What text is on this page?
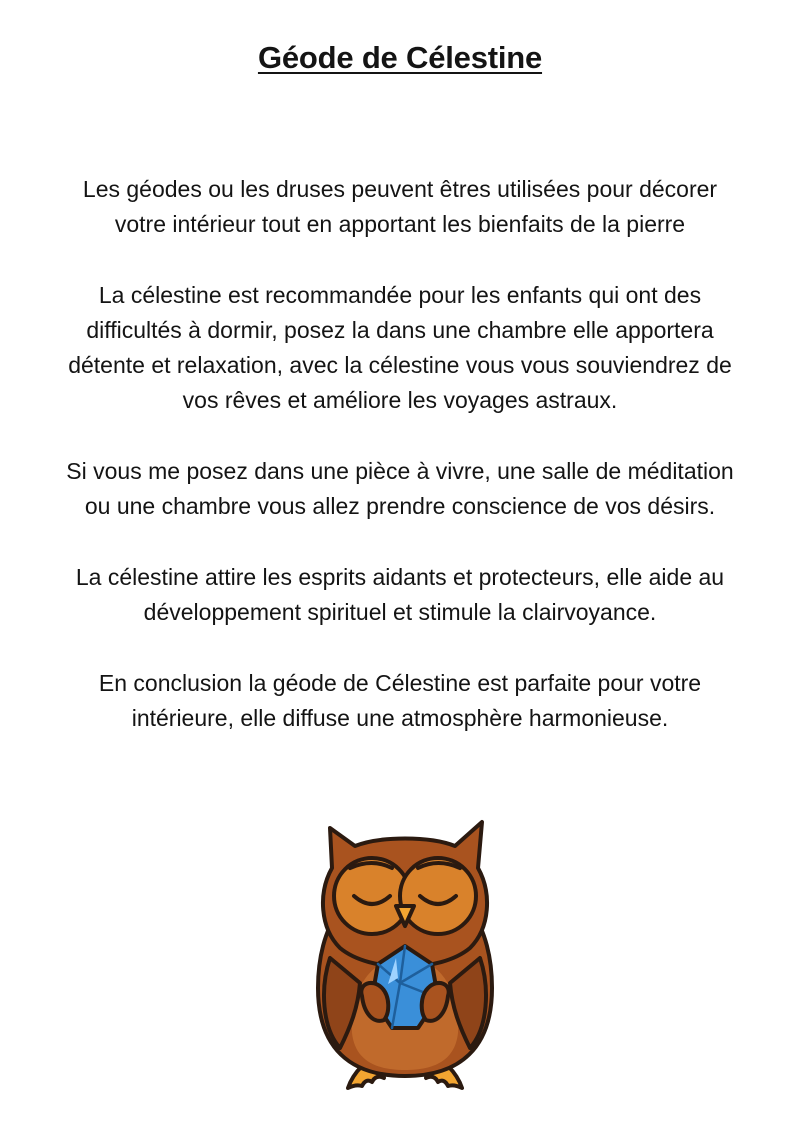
Géode de Célestine

Les géodes ou les druses peuvent êtres utilisées pour décorer
votre intérieur tout en apportant les bienfaits de la pierre

La célestine est recommandée pour les enfants qui ont des
difficultés à dormir, posez la dans une chambre elle apportera
détente et relaxation, avec la célestine vous vous souviendrez de
vos rêves et améliore les voyages astraux.

Si vous me posez dans une pièce à vivre, une salle de méditation
ou une chambre vous allez prendre conscience de vos désirs.

La célestine attire les esprits aidants et protecteurs, elle aide au
développement spirituel et stimule la clairvoyance.

En conclusion la géode de Célestine est parfaite pour votre
intérieure, elle diffuse une atmosphère harmonieuse.
